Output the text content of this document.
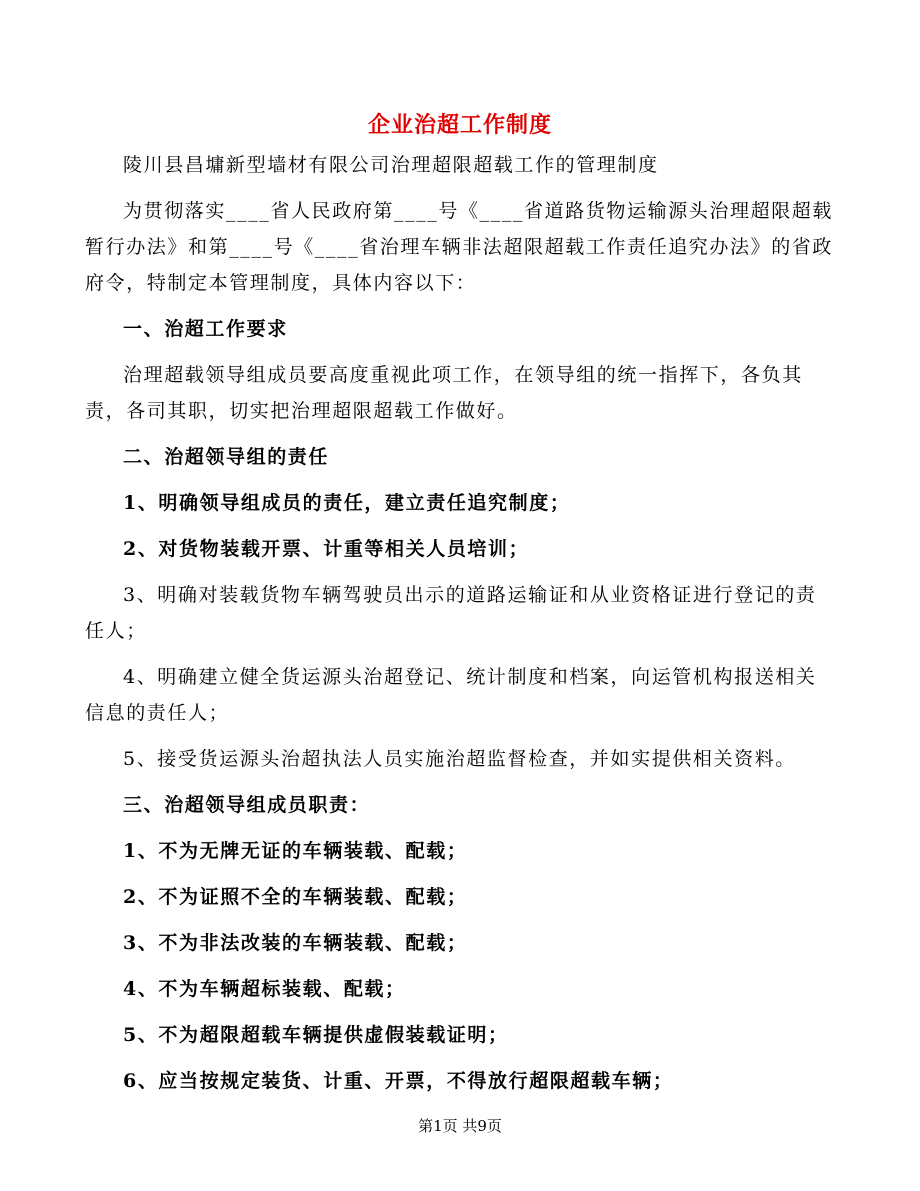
企业治超工作制度

陵川县昌墉新型墙材有限公司治理超限超载工作的管理制度

为贯彻落实____省人民政府第____号《____省道路货物运输源头治理超限超载暂行办法》和第____号《____省治理车辆非法超限超载工作责任追究办法》的省政府令，特制定本管理制度，具体内容以下：

一、治超工作要求

治理超载领导组成员要高度重视此项工作，在领导组的统一指挥下，各负其责，各司其职，切实把治理超限超载工作做好。

二、治超领导组的责任

1、明确领导组成员的责任，建立责任追究制度；

2、对货物装载开票、计重等相关人员培训；

3、明确对装载货物车辆驾驶员出示的道路运输证和从业资格证进行登记的责任人；

4、明确建立健全货运源头治超登记、统计制度和档案，向运管机构报送相关信息的责任人；

5、接受货运源头治超执法人员实施治超监督检查，并如实提供相关资料。

三、治超领导组成员职责：

1、不为无牌无证的车辆装载、配载；

2、不为证照不全的车辆装载、配载；

3、不为非法改装的车辆装载、配载；

4、不为车辆超标装载、配载；

5、不为超限超载车辆提供虚假装载证明；

6、应当按规定装货、计重、开票，不得放行超限超载车辆；

第1页 共9页
